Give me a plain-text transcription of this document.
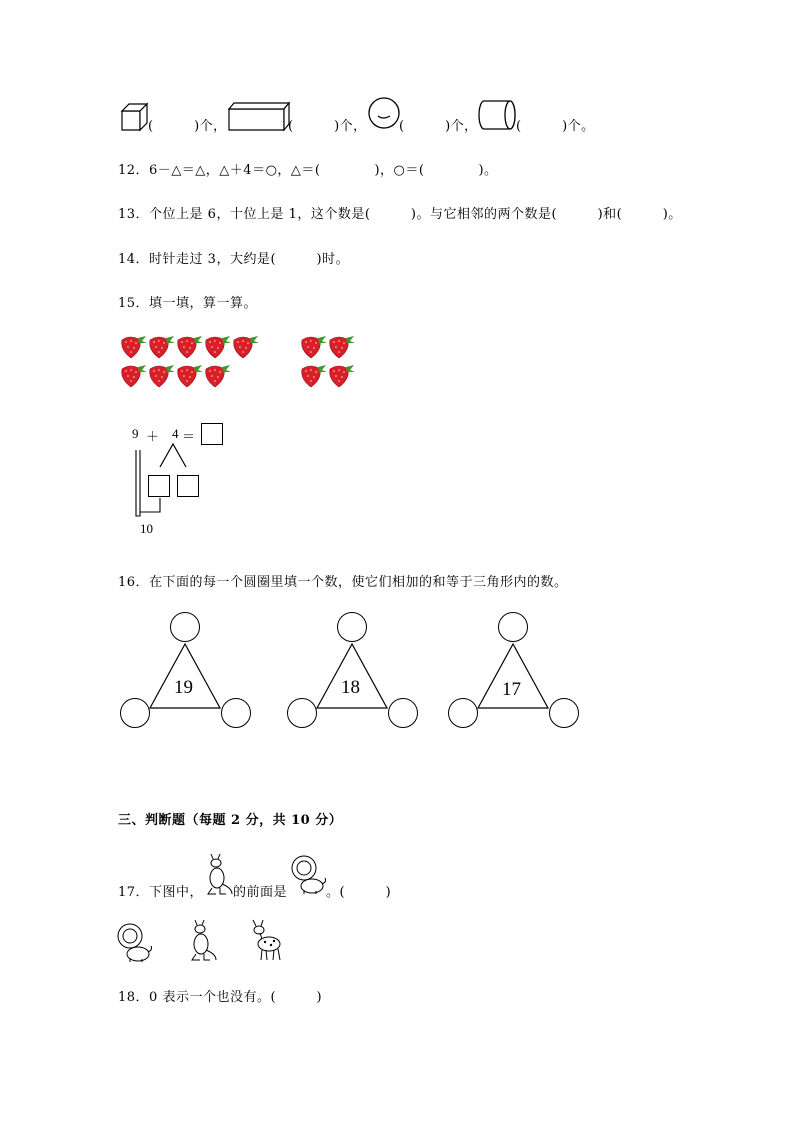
(　　　)个，	(　　　)个， (　　　)个，	(　　　)个。
12．6－△＝△，△＋4＝○，△＝(　　　　)，○＝(　　　　)。
13．个位上是 6，十位上是 1，这个数是(　　　)。与它相邻的两个数是(　　　)和(　　　)。
14．时针走过 3，大约是(　　　)时。
15．填一填，算一算。
9 ＋ 4 ＝
10
16．在下面的每一个圆圈里填一个数，使它们相加的和等于三角形内的数。
19	18	17
三、判断题（每题 2 分，共 10 分）
17．下图中， 的前面是	。(　　　)
18．0 表示一个也没有。(　　　)
